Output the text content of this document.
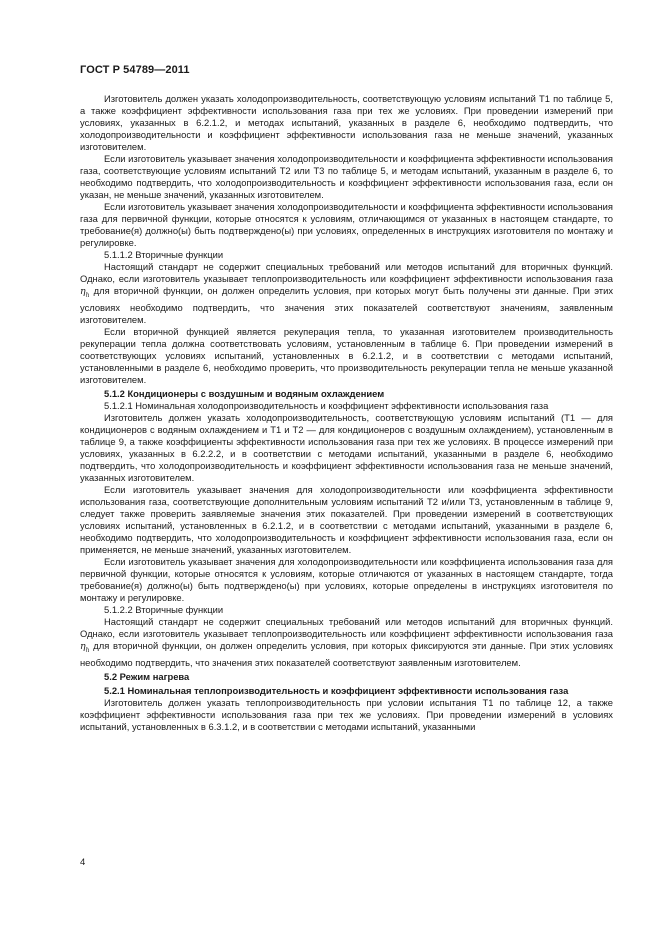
ГОСТ Р 54789—2011

Изготовитель должен указать холодопроизводительность, соответствующую условиям испытаний Т1 по таблице 5, а также коэффициент эффективности использования газа при тех же условиях. При проведении измерений при условиях, указанных в 6.2.1.2, и методах испытаний, указанных в разделе 6, необходимо подтвердить, что холодопроизводительности и коэффициент эффективности использования газа не меньше значений, указанных изготовителем.

Если изготовитель указывает значения холодопроизводительности и коэффициента эффективности использования газа, соответствующие условиям испытаний Т2 или Т3 по таблице 5, и методам испытаний, указанным в разделе 6, то необходимо подтвердить, что холодопроизводительность и коэффициент эффективности использования газа, если он указан, не меньше значений, указанных изготовителем.

Если изготовитель указывает значения холодопроизводительности и коэффициента эффективности использования газа для первичной функции, которые относятся к условиям, отличающимся от указанных в настоящем стандарте, то требование(я) должно(ы) быть подтверждено(ы) при условиях, определенных в инструкциях изготовителя по монтажу и регулировке.

5.1.1.2 Вторичные функции

Настоящий стандарт не содержит специальных требований или методов испытаний для вторичных функций. Однако, если изготовитель указывает теплопроизводительность или коэффициент эффективности использования газа $\eta_h$ для вторичной функции, он должен определить условия, при которых могут быть получены эти данные. При этих условиях необходимо подтвердить, что значения этих показателей соответствуют значениям, заявленным изготовителем.

Если вторичной функцией является рекуперация тепла, то указанная изготовителем производительность рекуперации тепла должна соответствовать условиям, установленным в таблице 6. При проведении измерений в соответствующих условиях испытаний, установленных в 6.2.1.2, и в соответствии с методами испытаний, установленными в разделе 6, необходимо проверить, что производительность рекуперации тепла не меньше указанной изготовителем.

5.1.2 Кондиционеры с воздушным и водяным охлаждением

5.1.2.1 Номинальная холодопроизводительность и коэффициент эффективности использования газа

Изготовитель должен указать холодопроизводительность, соответствующую условиям испытаний (Т1 — для кондиционеров с водяным охлаждением и Т1 и Т2 — для кондиционеров с воздушным охлаждением), установленным в таблице 9, а также коэффициенты эффективности использования газа при тех же условиях. В процессе измерений при условиях, указанных в 6.2.2.2, и в соответствии с методами испытаний, указанными в разделе 6, необходимо подтвердить, что холодопроизводительность и коэффициент эффективности использования газа не меньше значений, указанных изготовителем.

Если изготовитель указывает значения для холодопроизводительности или коэффициента эффективности использования газа, соответствующие дополнительным условиям испытаний Т2 и/или Т3, установленным в таблице 9, следует также проверить заявляемые значения этих показателей. При проведении измерений в соответствующих условиях испытаний, установленных в 6.2.1.2, и в соответствии с методами испытаний, указанными в разделе 6, необходимо подтвердить, что холодопроизводительность и коэффициент эффективности использования газа, если он применяется, не меньше значений, указанных изготовителем.

Если изготовитель указывает значения для холодопроизводительности или коэффициента использования газа для первичной функции, которые относятся к условиям, которые отличаются от указанных в настоящем стандарте, тогда требование(я) должно(ы) быть подтверждено(ы) при условиях, которые определены в инструкциях изготовителя по монтажу и регулировке.

5.1.2.2 Вторичные функции

Настоящий стандарт не содержит специальных требований или методов испытаний для вторичных функций. Однако, если изготовитель указывает теплопроизводительность или коэффициент эффективности использования газа $\eta_h$ для вторичной функции, он должен определить условия, при которых фиксируются эти данные. При этих условиях необходимо подтвердить, что значения этих показателей соответствуют заявленным изготовителем.

5.2 Режим нагрева

5.2.1 Номинальная теплопроизводительность и коэффициент эффективности использования газа

Изготовитель должен указать теплопроизводительность при условии испытания Т1 по таблице 12, а также коэффициент эффективности использования газа при тех же условиях. При проведении измерений в условиях испытаний, установленных в 6.3.1.2, и в соответствии с методами испытаний, указанными

4
